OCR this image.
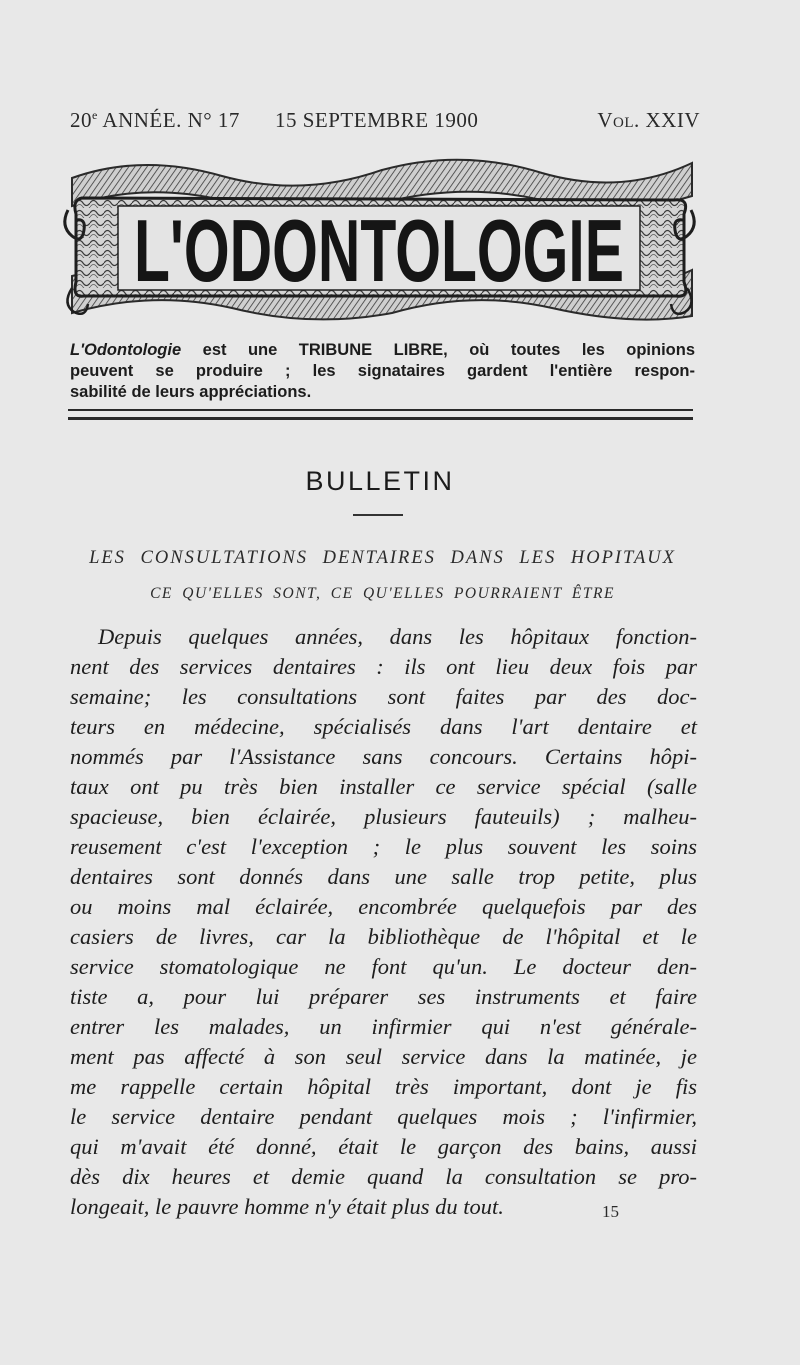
20e ANNÉE. N° 17 15 SEPTEMBRE 1900	Vol. XXIV
L'ODONTOLOGIE
L'Odontologie est une TRIBUNE LIBRE, où toutes les opinions
peuvent se produire ; les signataires gardent l'entière respon-
sabilité de leurs appréciations.
BULLETIN
LES CONSULTATIONS DENTAIRES DANS LES HOPITAUX
CE QU'ELLES SONT, CE QU'ELLES POURRAIENT ÊTRE
Depuis quelques années, dans les hôpitaux fonction-
nent des services dentaires : ils ont lieu deux fois par
semaine; les consultations sont faites par des doc-
teurs en médecine, spécialisés dans l'art dentaire et
nommés par l'Assistance sans concours. Certains hôpi-
taux ont pu très bien installer ce service spécial (salle
spacieuse, bien éclairée, plusieurs fauteuils) ; malheu-
reusement c'est l'exception ; le plus souvent les soins
dentaires sont donnés dans une salle trop petite, plus
ou moins mal éclairée, encombrée quelquefois par des
casiers de livres, car la bibliothèque de l'hôpital et le
service stomatologique ne font qu'un. Le docteur den-
tiste a, pour lui préparer ses instruments et faire
entrer les malades, un infirmier qui n'est générale-
ment pas affecté à son seul service dans la matinée, je
me rappelle certain hôpital très important, dont je fis
le service dentaire pendant quelques mois ; l'infirmier,
qui m'avait été donné, était le garçon des bains, aussi
dès dix heures et demie quand la consultation se pro-
longeait, le pauvre homme n'y était plus du tout.	15
